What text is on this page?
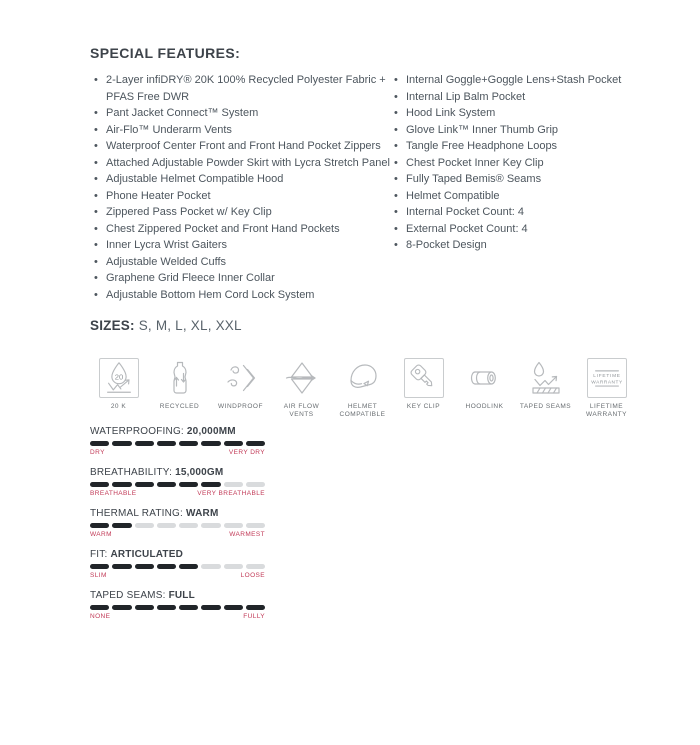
SPECIAL FEATURES:
• 2-Layer infiDRY® 20K 100% Recycled Polyester Fabric + PFAS Free DWR
• Pant Jacket Connect™ System
• Air-Flo™ Underarm Vents
• Waterproof Center Front and Front Hand Pocket Zippers
• Attached Adjustable Powder Skirt with Lycra Stretch Panel
• Adjustable Helmet Compatible Hood
• Phone Heater Pocket
• Zippered Pass Pocket w/ Key Clip
• Chest Zippered Pocket and Front Hand Pockets
• Inner Lycra Wrist Gaiters
• Adjustable Welded Cuffs
• Graphene Grid Fleece Inner Collar
• Adjustable Bottom Hem Cord Lock System
• Internal Goggle+Goggle Lens+Stash Pocket
• Internal Lip Balm Pocket
• Hood Link System
• Glove Link™ Inner Thumb Grip
• Tangle Free Headphone Loops
• Chest Pocket Inner Key Clip
• Fully Taped Bemis® Seams
• Helmet Compatible
• Internal Pocket Count: 4
• External Pocket Count: 4
• 8-Pocket Design
SIZES: S, M, L, XL, XXL
20
20 K	RECYCLED	WINDPROOF	AIR FLOW VENTS
HELMET COMPATIBLE
KEY CLIP	HOODLINK	TAPED SEAMS
LIFETIME
WARRANTY
LIFETIME WARRANTY
WATERPROOFING: 20,000MM
DRY	VERY DRY
BREATHABILITY: 15,000GM
BREATHABLE	VERY BREATHABLE
THERMAL RATING: WARM
WARM	WARMEST
FIT: ARTICULATED
SLIM	LOOSE
TAPED SEAMS: FULL
NONE	FULLY
